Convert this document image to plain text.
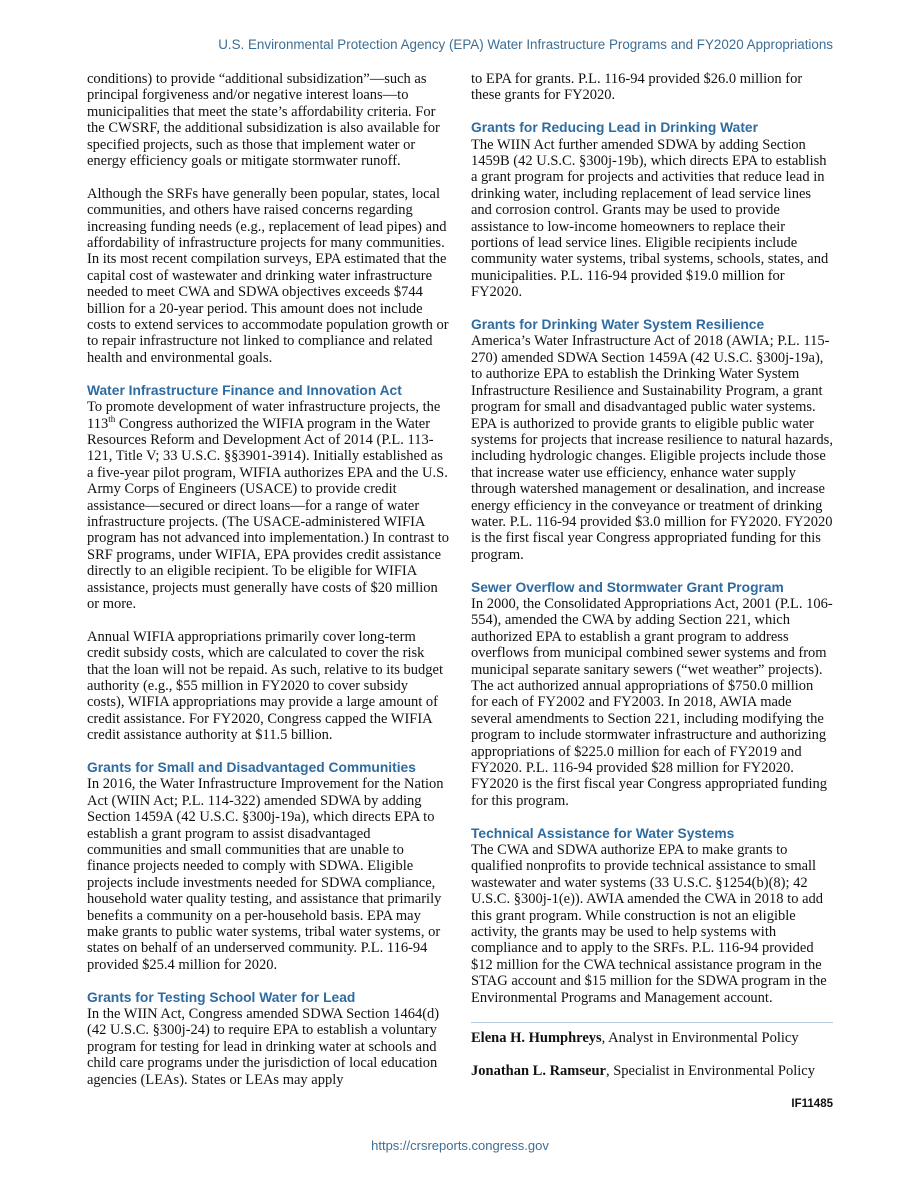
U.S. Environmental Protection Agency (EPA) Water Infrastructure Programs and FY2020 Appropriations

conditions) to provide “additional subsidization”—such as principal forgiveness and/or negative interest loans—to municipalities that meet the state’s affordability criteria. For the CWSRF, the additional subsidization is also available for specified projects, such as those that implement water or energy efficiency goals or mitigate stormwater runoff.

Although the SRFs have generally been popular, states, local communities, and others have raised concerns regarding increasing funding needs (e.g., replacement of lead pipes) and affordability of infrastructure projects for many communities. In its most recent compilation surveys, EPA estimated that the capital cost of wastewater and drinking water infrastructure needed to meet CWA and SDWA objectives exceeds $744 billion for a 20-year period. This amount does not include costs to extend services to accommodate population growth or to repair infrastructure not linked to compliance and related health and environmental goals.

Water Infrastructure Finance and Innovation Act

To promote development of water infrastructure projects, the 113th Congress authorized the WIFIA program in the Water Resources Reform and Development Act of 2014 (P.L. 113-121, Title V; 33 U.S.C. §§3901-3914). Initially established as a five-year pilot program, WIFIA authorizes EPA and the U.S. Army Corps of Engineers (USACE) to provide credit assistance—secured or direct loans—for a range of water infrastructure projects. (The USACE-administered WIFIA program has not advanced into implementation.) In contrast to SRF programs, under WIFIA, EPA provides credit assistance directly to an eligible recipient. To be eligible for WIFIA assistance, projects must generally have costs of $20 million or more.

Annual WIFIA appropriations primarily cover long-term credit subsidy costs, which are calculated to cover the risk that the loan will not be repaid. As such, relative to its budget authority (e.g., $55 million in FY2020 to cover subsidy costs), WIFIA appropriations may provide a large amount of credit assistance. For FY2020, Congress capped the WIFIA credit assistance authority at $11.5 billion.

Grants for Small and Disadvantaged Communities

In 2016, the Water Infrastructure Improvement for the Nation Act (WIIN Act; P.L. 114-322) amended SDWA by adding Section 1459A (42 U.S.C. §300j-19a), which directs EPA to establish a grant program to assist disadvantaged communities and small communities that are unable to finance projects needed to comply with SDWA. Eligible projects include investments needed for SDWA compliance, household water quality testing, and assistance that primarily benefits a community on a per-household basis. EPA may make grants to public water systems, tribal water systems, or states on behalf of an underserved community. P.L. 116-94 provided $25.4 million for 2020.

Grants for Testing School Water for Lead

In the WIIN Act, Congress amended SDWA Section 1464(d) (42 U.S.C. §300j-24) to require EPA to establish a voluntary program for testing for lead in drinking water at schools and child care programs under the jurisdiction of local education agencies (LEAs). States or LEAs may apply

to EPA for grants. P.L. 116-94 provided $26.0 million for these grants for FY2020.

Grants for Reducing Lead in Drinking Water

The WIIN Act further amended SDWA by adding Section 1459B (42 U.S.C. §300j-19b), which directs EPA to establish a grant program for projects and activities that reduce lead in drinking water, including replacement of lead service lines and corrosion control. Grants may be used to provide assistance to low-income homeowners to replace their portions of lead service lines. Eligible recipients include community water systems, tribal systems, schools, states, and municipalities. P.L. 116-94 provided $19.0 million for FY2020.

Grants for Drinking Water System Resilience

America’s Water Infrastructure Act of 2018 (AWIA; P.L. 115-270) amended SDWA Section 1459A (42 U.S.C. §300j-19a), to authorize EPA to establish the Drinking Water System Infrastructure Resilience and Sustainability Program, a grant program for small and disadvantaged public water systems. EPA is authorized to provide grants to eligible public water systems for projects that increase resilience to natural hazards, including hydrologic changes. Eligible projects include those that increase water use efficiency, enhance water supply through watershed management or desalination, and increase energy efficiency in the conveyance or treatment of drinking water. P.L. 116-94 provided $3.0 million for FY2020. FY2020 is the first fiscal year Congress appropriated funding for this program.

Sewer Overflow and Stormwater Grant Program

In 2000, the Consolidated Appropriations Act, 2001 (P.L. 106-554), amended the CWA by adding Section 221, which authorized EPA to establish a grant program to address overflows from municipal combined sewer systems and from municipal separate sanitary sewers (“wet weather” projects). The act authorized annual appropriations of $750.0 million for each of FY2002 and FY2003. In 2018, AWIA made several amendments to Section 221, including modifying the program to include stormwater infrastructure and authorizing appropriations of $225.0 million for each of FY2019 and FY2020. P.L. 116-94 provided $28 million for FY2020. FY2020 is the first fiscal year Congress appropriated funding for this program.

Technical Assistance for Water Systems

The CWA and SDWA authorize EPA to make grants to qualified nonprofits to provide technical assistance to small wastewater and water systems (33 U.S.C. §1254(b)(8); 42 U.S.C. §300j-1(e)). AWIA amended the CWA in 2018 to add this grant program. While construction is not an eligible activity, the grants may be used to help systems with compliance and to apply to the SRFs. P.L. 116-94 provided $12 million for the CWA technical assistance program in the STAG account and $15 million for the SDWA program in the Environmental Programs and Management account.

Elena H. Humphreys, Analyst in Environmental Policy

Jonathan L. Ramseur, Specialist in Environmental Policy

IF11485
https://crsreports.congress.gov
